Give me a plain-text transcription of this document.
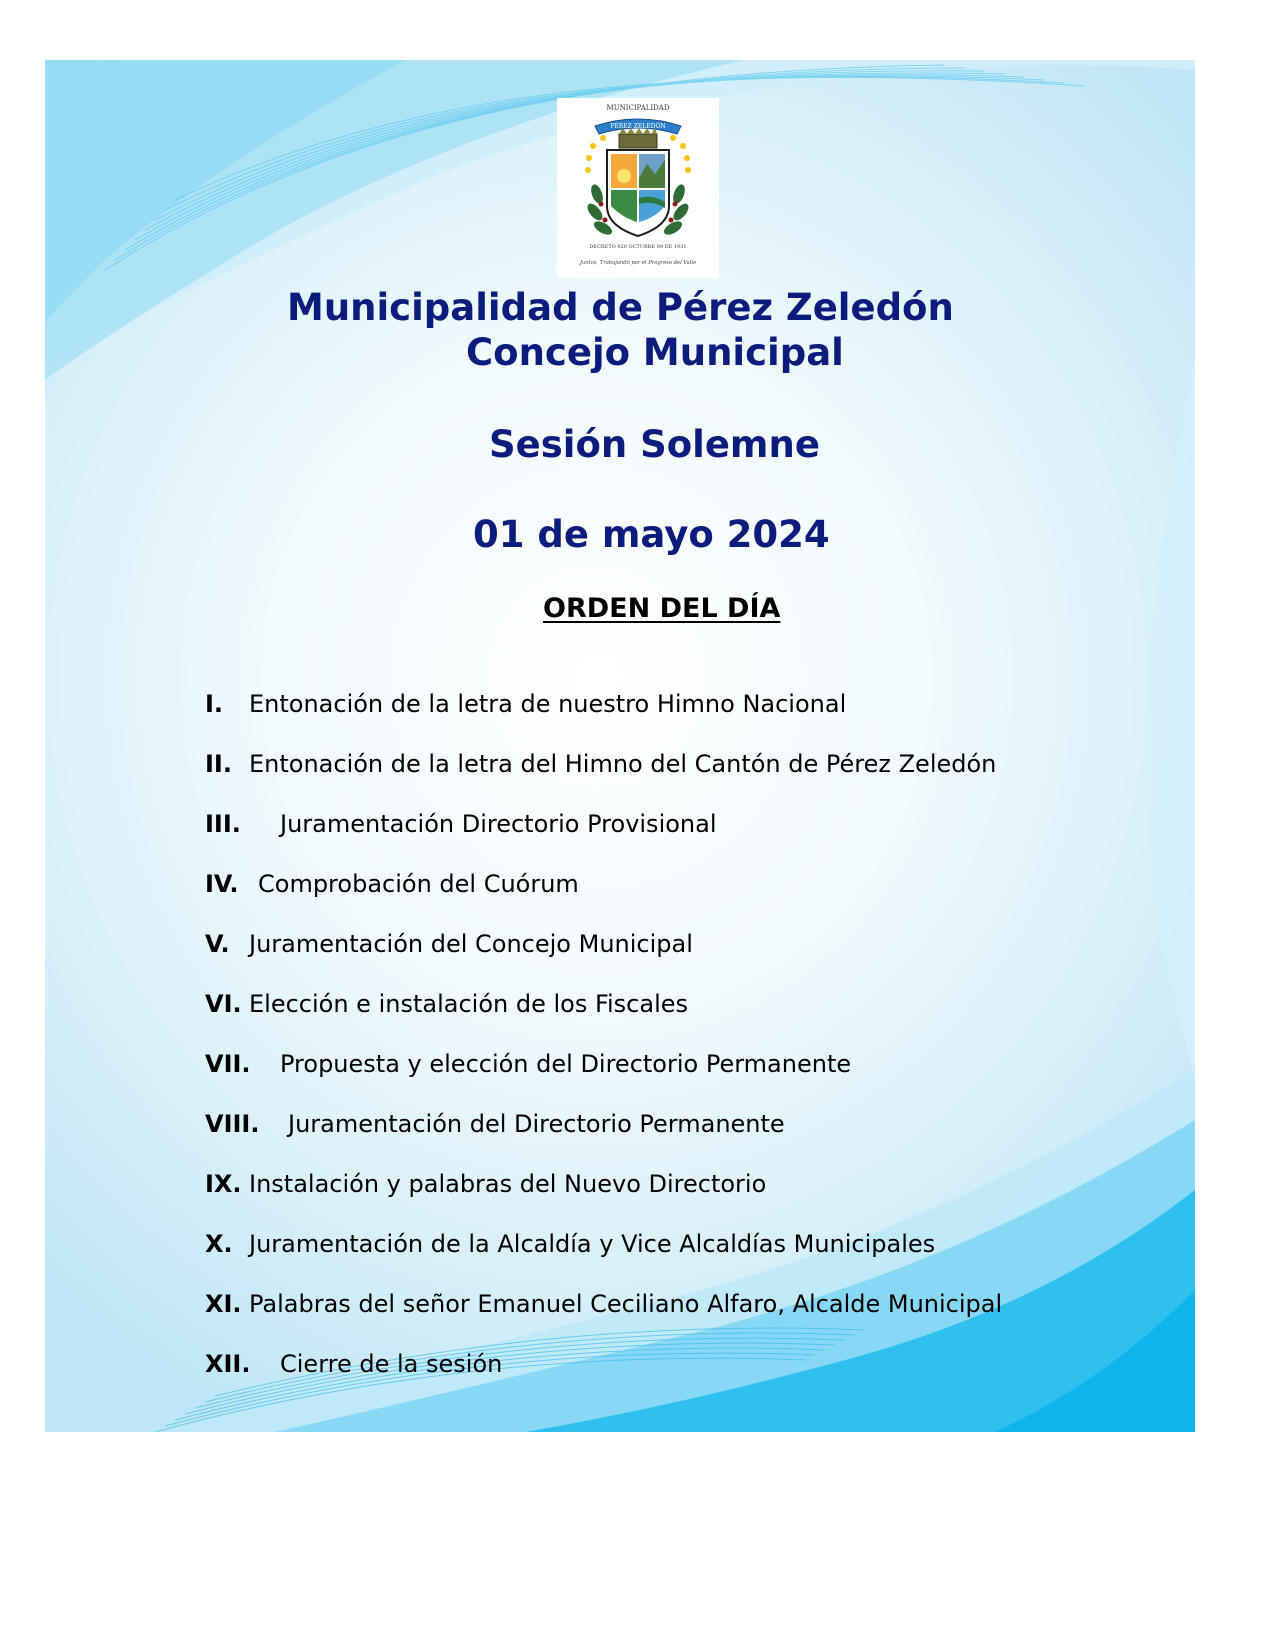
MUNICIPALIDAD
PÉREZ ZELEDÓN
DECRETO 920 OCTUBRE 09 DE 1931
Juntos, Trabajando por el Progreso del Valle
Municipalidad de Pérez Zeledón
Concejo Municipal
Sesión Solemne
01 de mayo 2024
ORDEN DEL DÍA
I. Entonación de la letra de nuestro Himno Nacional
II. Entonación de la letra del Himno del Cantón de Pérez Zeledón
III. Juramentación Directorio Provisional
IV. Comprobación del Cuórum
V. Juramentación del Concejo Municipal
VI. Elección e instalación de los Fiscales
VII. Propuesta y elección del Directorio Permanente
VIII. Juramentación del Directorio Permanente
IX. Instalación y palabras del Nuevo Directorio
X. Juramentación de la Alcaldía y Vice Alcaldías Municipales
XI. Palabras del señor Emanuel Ceciliano Alfaro, Alcalde Municipal
XII. Cierre de la sesión
